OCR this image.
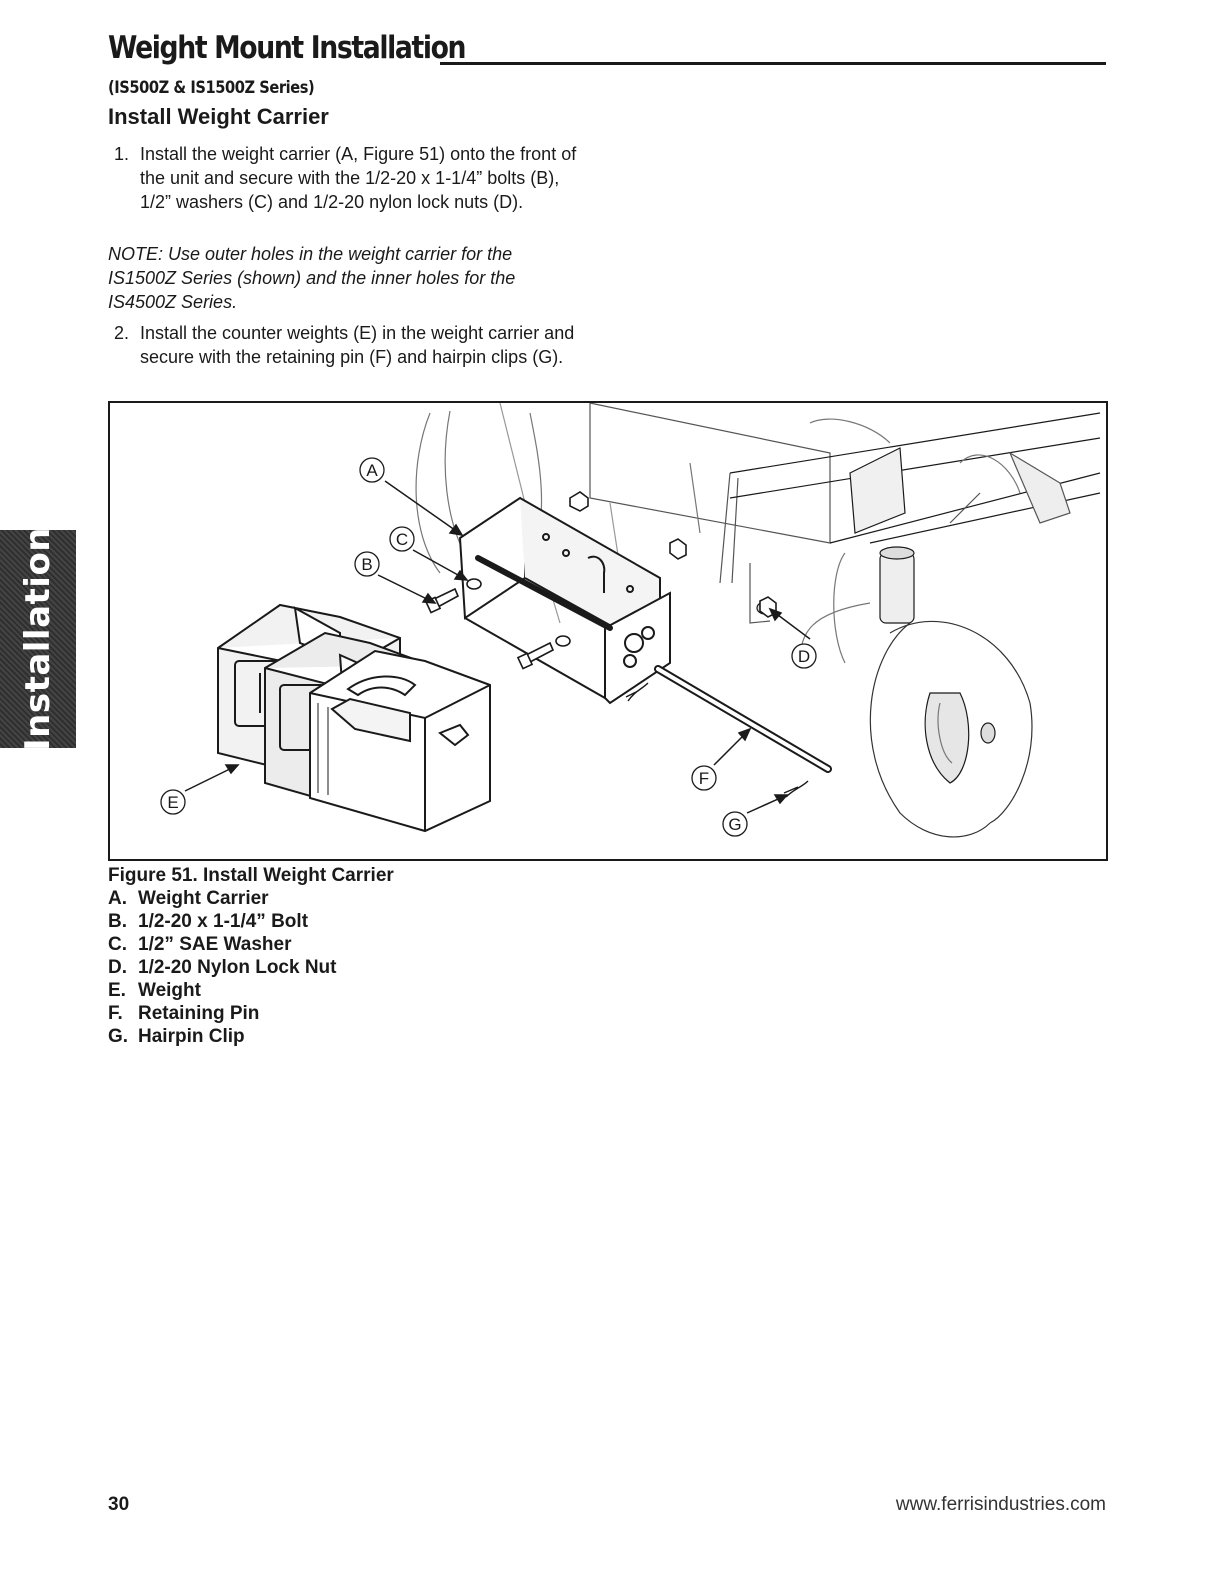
Weight Mount Installation
(IS500Z & IS1500Z Series)
Install Weight Carrier
1. Install the weight carrier (A, Figure 51) onto the front of the unit and secure with the 1/2-20 x 1-1/4” bolts (B), 1/2” washers (C) and 1/2-20 nylon lock nuts (D).
NOTE: Use outer holes in the weight carrier for the IS1500Z Series (shown) and the inner holes for the IS4500Z Series.
2. Install the counter weights (E) in the weight carrier and secure with the retaining pin (F) and hairpin clips (G).
Installation
A
B
C
D
E
F
G
Figure 51. Install Weight Carrier
A. Weight Carrier
B. 1/2-20 x 1-1/4” Bolt
C. 1/2” SAE Washer
D. 1/2-20 Nylon Lock Nut
E. Weight
F. Retaining Pin
G. Hairpin Clip
30	www.ferrisindustries.com
